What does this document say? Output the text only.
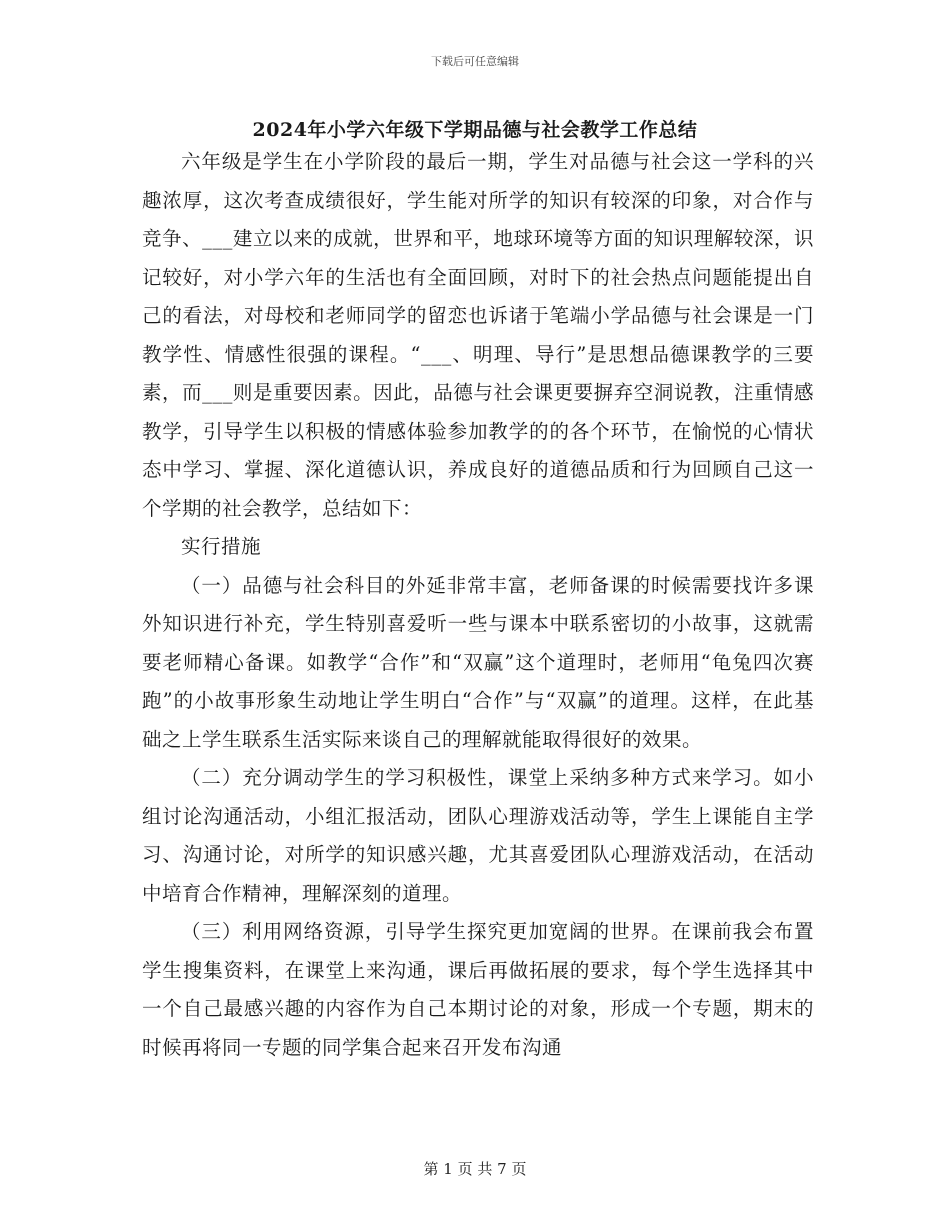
下载后可任意编辑
2024年小学六年级下学期品德与社会教学工作总结

六年级是学生在小学阶段的最后一期，学生对品德与社会这一学科的兴趣浓厚，这次考查成绩很好，学生能对所学的知识有较深的印象，对合作与竞争、___建立以来的成就，世界和平，地球环境等方面的知识理解较深，识记较好，对小学六年的生活也有全面回顾，对时下的社会热点问题能提出自己的看法，对母校和老师同学的留恋也诉诸于笔端小学品德与社会课是一门教学性、情感性很强的课程。“___、明理、导行”是思想品德课教学的三要素，而___则是重要因素。因此，品德与社会课更要摒弃空洞说教，注重情感教学，引导学生以积极的情感体验参加教学的的各个环节，在愉悦的心情状态中学习、掌握、深化道德认识，养成良好的道德品质和行为回顾自己这一个学期的社会教学，总结如下：

实行措施

（一）品德与社会科目的外延非常丰富，老师备课的时候需要找许多课外知识进行补充，学生特别喜爱听一些与课本中联系密切的小故事，这就需要老师精心备课。如教学“合作”和“双赢”这个道理时，老师用“龟兔四次赛跑”的小故事形象生动地让学生明白“合作”与“双赢”的道理。这样，在此基础之上学生联系生活实际来谈自己的理解就能取得很好的效果。

（二）充分调动学生的学习积极性，课堂上采纳多种方式来学习。如小组讨论沟通活动，小组汇报活动，团队心理游戏活动等，学生上课能自主学习、沟通讨论，对所学的知识感兴趣，尤其喜爱团队心理游戏活动，在活动中培育合作精神，理解深刻的道理。

（三）利用网络资源，引导学生探究更加宽阔的世界。在课前我会布置学生搜集资料，在课堂上来沟通，课后再做拓展的要求，每个学生选择其中一个自己最感兴趣的内容作为自己本期讨论的对象，形成一个专题，期末的时候再将同一专题的同学集合起来召开发布沟通

第 1 页 共 7 页
